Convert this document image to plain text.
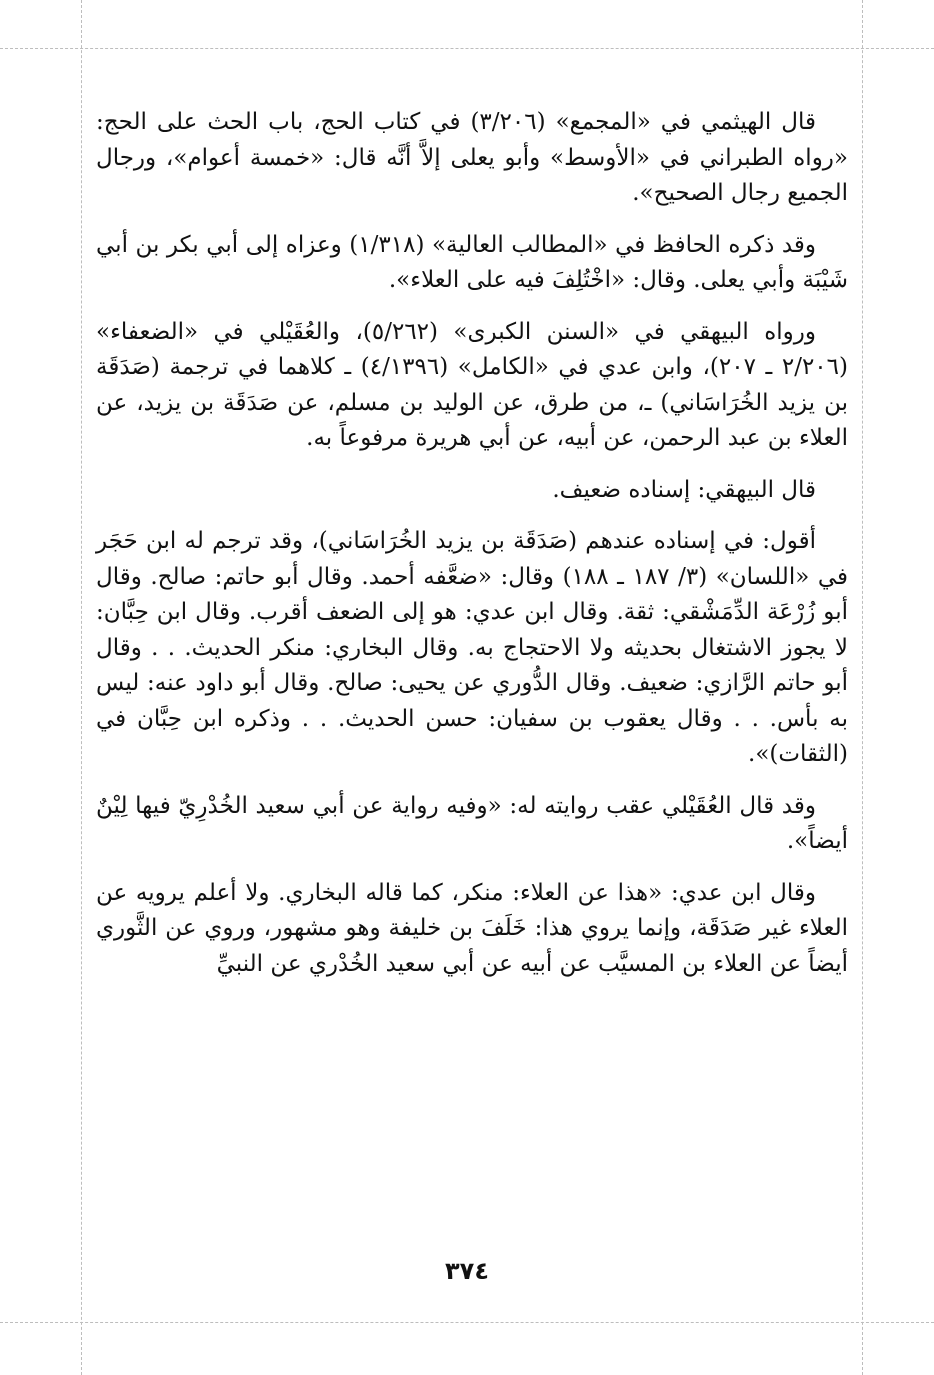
قال الهيثمي في «المجمع» (٣/٢٠٦) في كتاب الحج، باب الحث على الحج: «رواه الطبراني في «الأوسط» وأبو يعلى إلاَّ أنَّه قال: «خمسة أعوام»، ورجال الجميع رجال الصحيح».

وقد ذكره الحافظ في «المطالب العالية» (١/٣١٨) وعزاه إلى أبي بكر بن أبي شَيْبَة وأبي يعلى. وقال: «اخْتُلِفَ فيه على العلاء».

ورواه البيهقي في «السنن الكبرى» (٥/٢٦٢)، والعُقَيْلي في «الضعفاء» (٢/٢٠٦ ـ ٢٠٧)، وابن عدي في «الكامل» (٤/١٣٩٦) ـ كلاهما في ترجمة (صَدَقَة بن يزيد الخُرَاسَاني) ـ، من طرق، عن الوليد بن مسلم، عن صَدَقَة بن يزيد، عن العلاء بن عبد الرحمن، عن أبيه، عن أبي هريرة مرفوعاً به.

قال البيهقي: إسناده ضعيف.

أقول: في إسناده عندهم (صَدَقَة بن يزيد الخُرَاسَاني)، وقد ترجم له ابن حَجَر في «اللسان» (٣/ ١٨٧ ـ ١٨٨) وقال: «ضعَّفه أحمد. وقال أبو حاتم: صالح. وقال أبو زُرْعَة الدِّمَشْقي: ثقة. وقال ابن عدي: هو إلى الضعف أقرب. وقال ابن حِبَّان: لا يجوز الاشتغال بحديثه ولا الاحتجاج به. وقال البخاري: منكر الحديث. . . وقال أبو حاتم الرَّازي: ضعيف. وقال الدُّوري عن يحيى: صالح. وقال أبو داود عنه: ليس به بأس. . . وقال يعقوب بن سفيان: حسن الحديث. . . وذكره ابن حِبَّان في (الثقات)».

وقد قال العُقَيْلي عقب روايته له: «وفيه رواية عن أبي سعيد الخُدْرِيّ فيها لِيْنٌ أيضاً».

وقال ابن عدي: «هذا عن العلاء: منكر، كما قاله البخاري. ولا أعلم يرويه عن العلاء غير صَدَقَة، وإنما يروي هذا: خَلَفَ بن خليفة وهو مشهور، وروي عن الثَّوري أيضاً عن العلاء بن المسيَّب عن أبيه عن أبي سعيد الخُدْري عن النبيِّ

٣٧٤
